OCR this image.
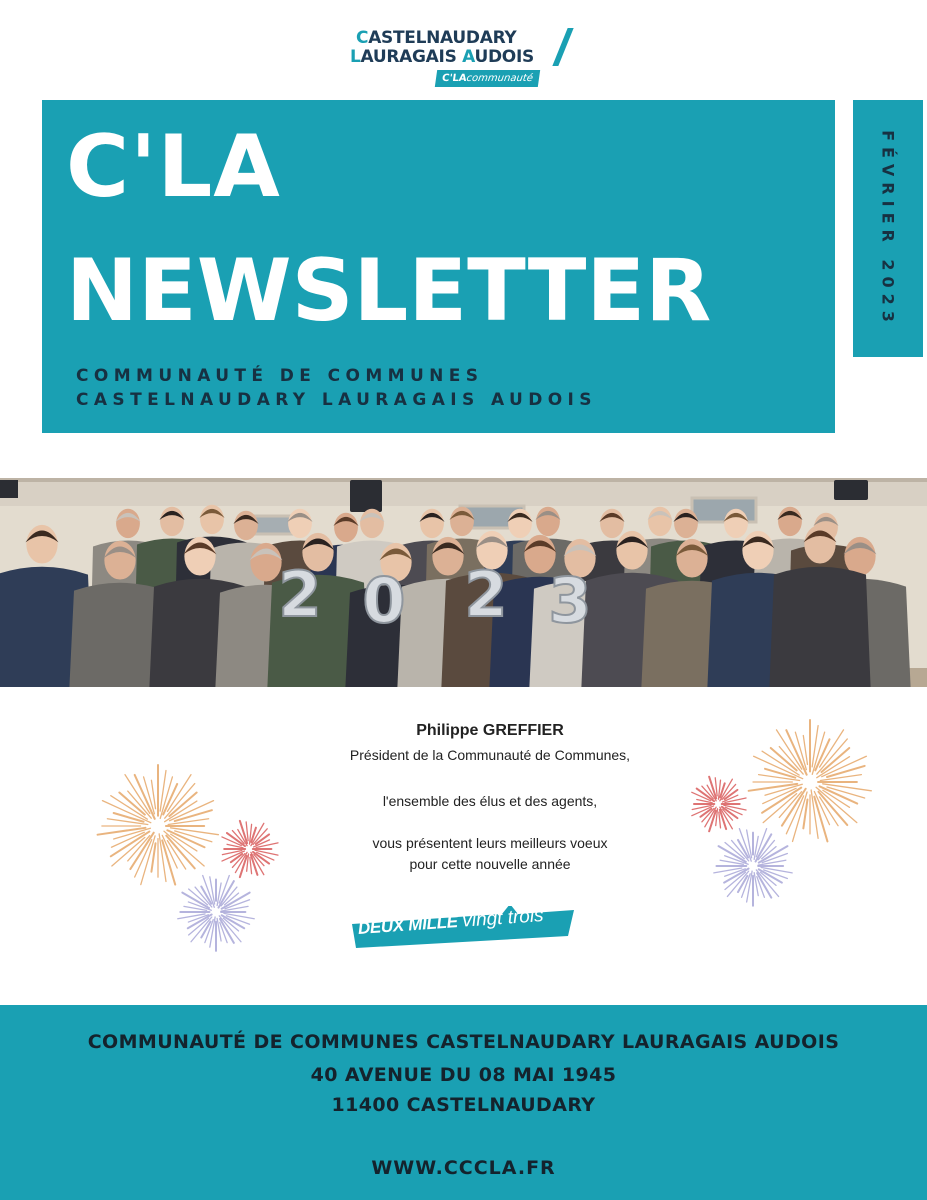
CASTELNAUDARY
LAURAGAIS AUDOIS
C'LAcommunauté
C'LA
NEWSLETTER
COMMUNAUTÉ DE COMMUNES
CASTELNAUDARY LAURAGAIS AUDOIS
FÉVRIER 2023
2 0 2 3
Philippe GREFFIER
Président de la Communauté de Communes,
l'ensemble des élus et des agents,
vous présentent leurs meilleurs voeux
pour cette nouvelle année
DEUX MILLE vingt trois
COMMUNAUTÉ DE COMMUNES CASTELNAUDARY LAURAGAIS AUDOIS
40 AVENUE DU 08 MAI 1945
11400 CASTELNAUDARY
WWW.CCCLA.FR
